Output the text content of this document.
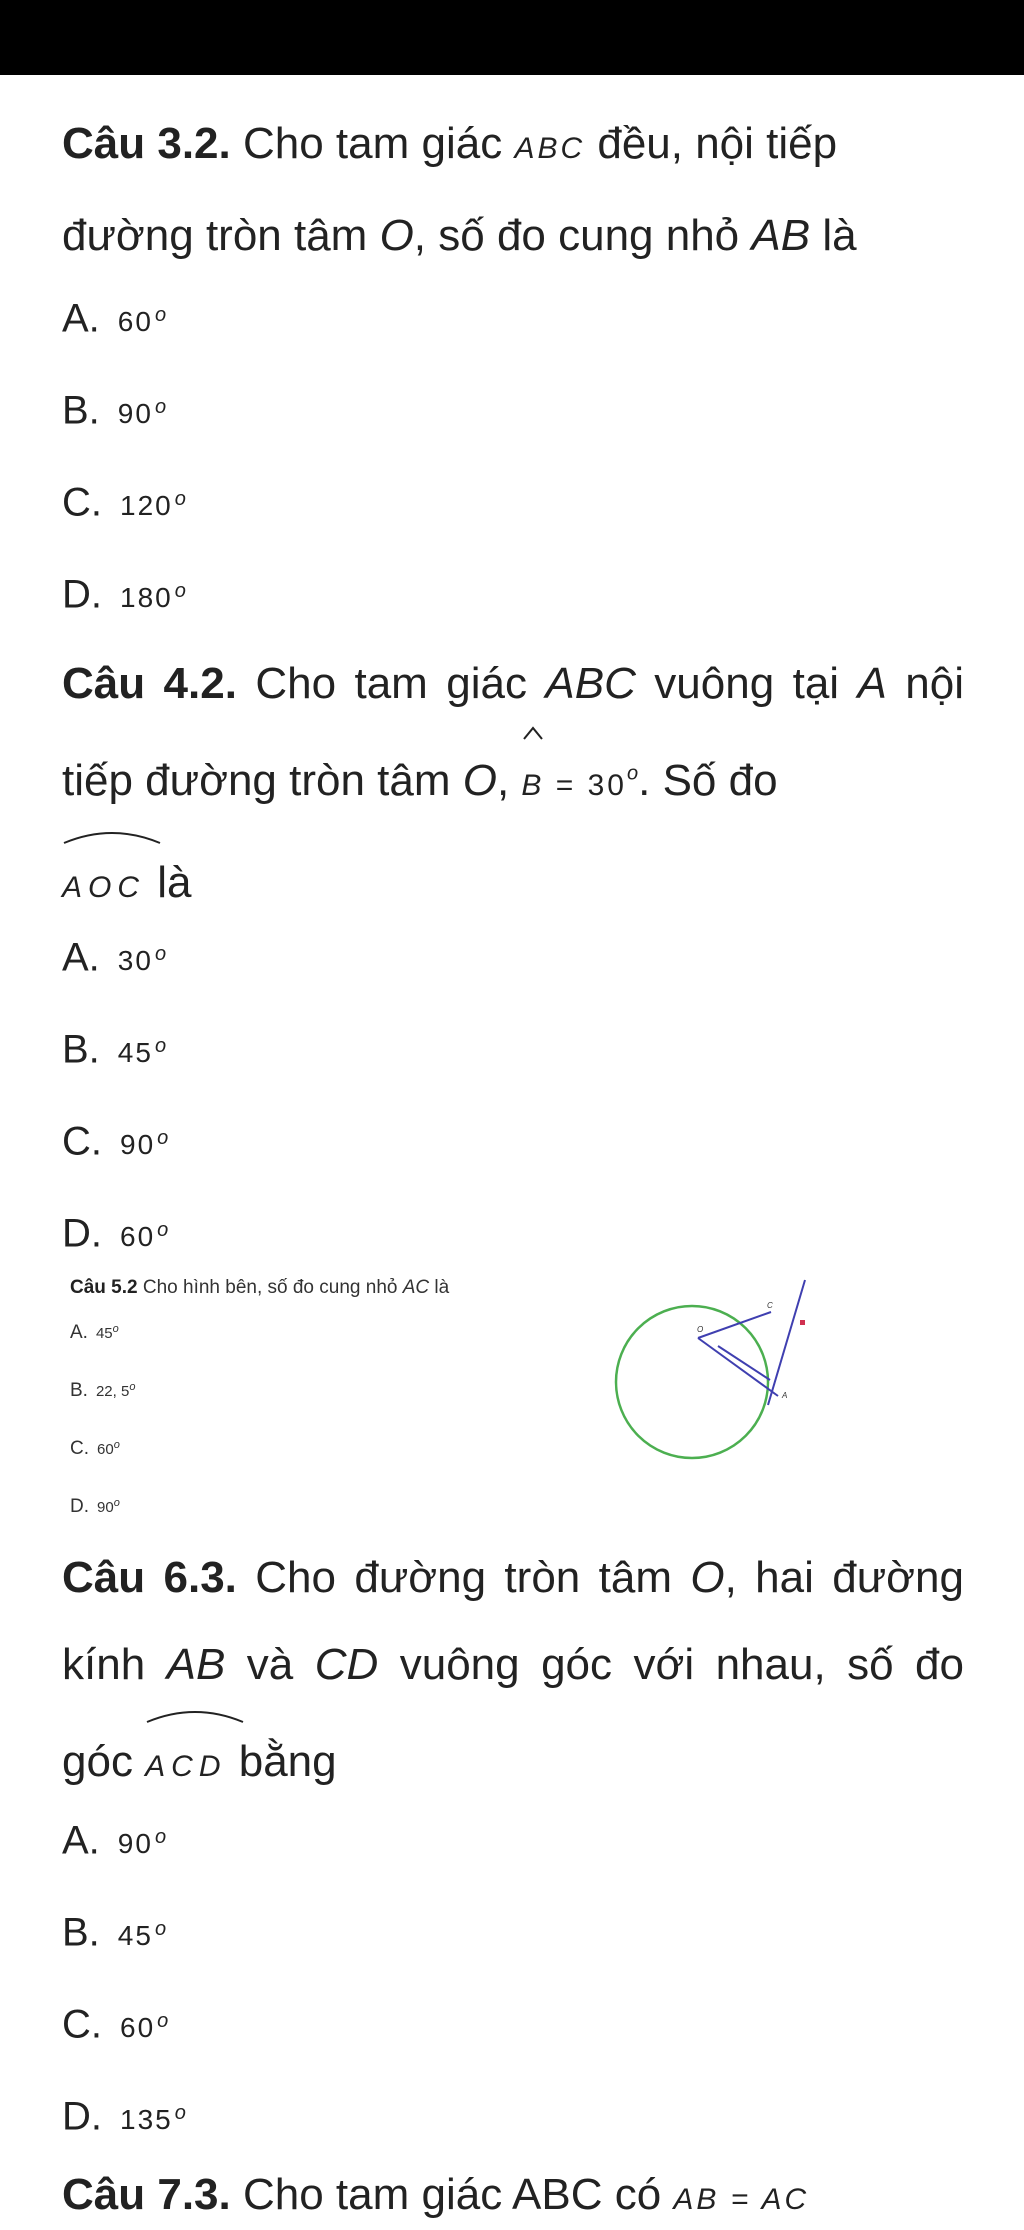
Câu 3.2. Cho tam giác ABC đều, nội tiếp đường tròn tâm O, số đo cung nhỏ AB là
A. 60 $^o$
B. 90 $^o$
C. 120 $^o$
D. 180 $^o$
Câu 4.2. Cho tam giác ABC vuông tại A nội tiếp đường tròn tâm O,
$B = 30^o$. Số đo

AOC là
A. 30 $^o$
B. 45 $^o$
C. 90 $^o$
D. 60 $^o$
Câu 5.2 Cho hình bên, số đo cung nhỏ AC là
A. 45$^o$
B. 22, 5$^o$
C. 60$^o$
D. 90$^o$
O
C
A
Câu 6.3. Cho đường tròn tâm O, hai đường kính AB và CD vuông góc với nhau, số đo góc
ACD bằng
A. 90 $^o$
B. 45 $^o$
C. 60 $^o$
D. 135 $^o$
Câu 7.3. Cho tam giác ABC có AB = AC
